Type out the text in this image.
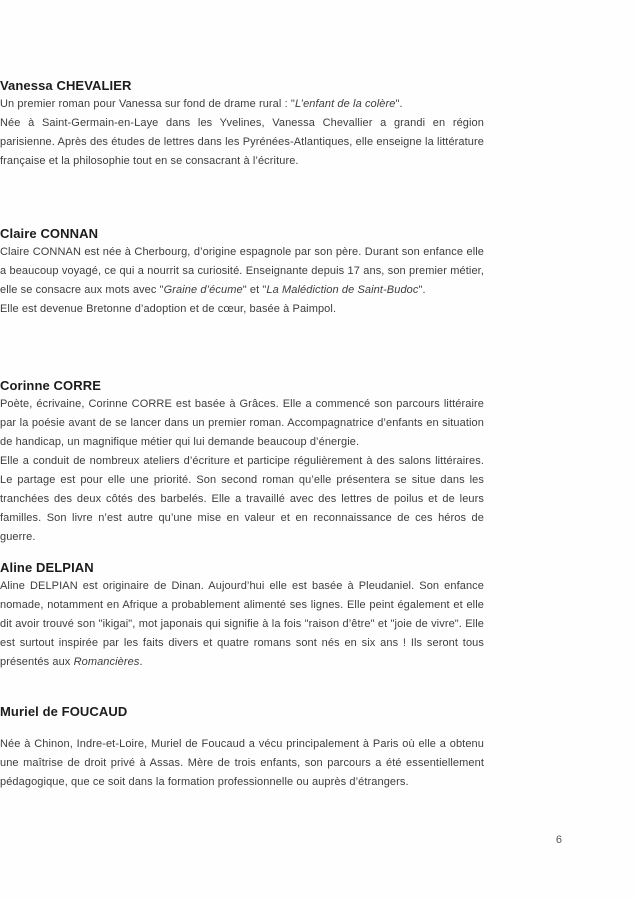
Vanessa CHEVALIER

Un premier roman pour Vanessa sur fond de drame rural : "L’enfant de la colère".

Née à Saint-Germain-en-Laye dans les Yvelines, Vanessa Chevallier a grandi en région parisienne. Après des études de lettres dans les Pyrénées-Atlantiques, elle enseigne la littérature française et la philosophie tout en se consacrant à l’écriture.

Claire CONNAN

Claire CONNAN est née à Cherbourg, d’origine espagnole par son père. Durant son enfance elle a beaucoup voyagé, ce qui a nourrit sa curiosité. Enseignante depuis 17 ans, son premier métier, elle se consacre aux mots avec "Graine d’écume" et "La Malédiction de Saint-Budoc".

Elle est devenue Bretonne d’adoption et de cœur, basée à Paimpol.

Corinne CORRE

Poète, écrivaine, Corinne CORRE est basée à Grâces. Elle a commencé son parcours littéraire par la poésie avant de se lancer dans un premier roman. Accompagnatrice d’enfants en situation de handicap, un magnifique métier qui lui demande beaucoup d’énergie.

Elle a conduit de nombreux ateliers d’écriture et participe régulièrement à des salons littéraires. Le partage est pour elle une priorité. Son second roman qu’elle présentera se situe dans les tranchées des deux côtés des barbelés. Elle a travaillé avec des lettres de poilus et de leurs familles. Son livre n’est autre qu’une mise en valeur et en reconnaissance de ces héros de guerre.

Aline DELPIAN

Aline DELPIAN est originaire de Dinan. Aujourd’hui elle est basée à Pleudaniel. Son enfance nomade, notamment en Afrique a probablement alimenté ses lignes. Elle peint également et elle dit avoir trouvé son "ikigai", mot japonais qui signifie à la fois "raison d’être" et "joie de vivre". Elle est surtout inspirée par les faits divers et quatre romans sont nés en six ans ! Ils seront tous présentés aux Romancières.

Muriel de FOUCAUD

Née à Chinon, Indre-et-Loire, Muriel de Foucaud a vécu principalement à Paris où elle a obtenu une maîtrise de droit privé à Assas. Mère de trois enfants, son parcours a été essentiellement pédagogique, que ce soit dans la formation professionnelle ou auprès d’étrangers.

6
